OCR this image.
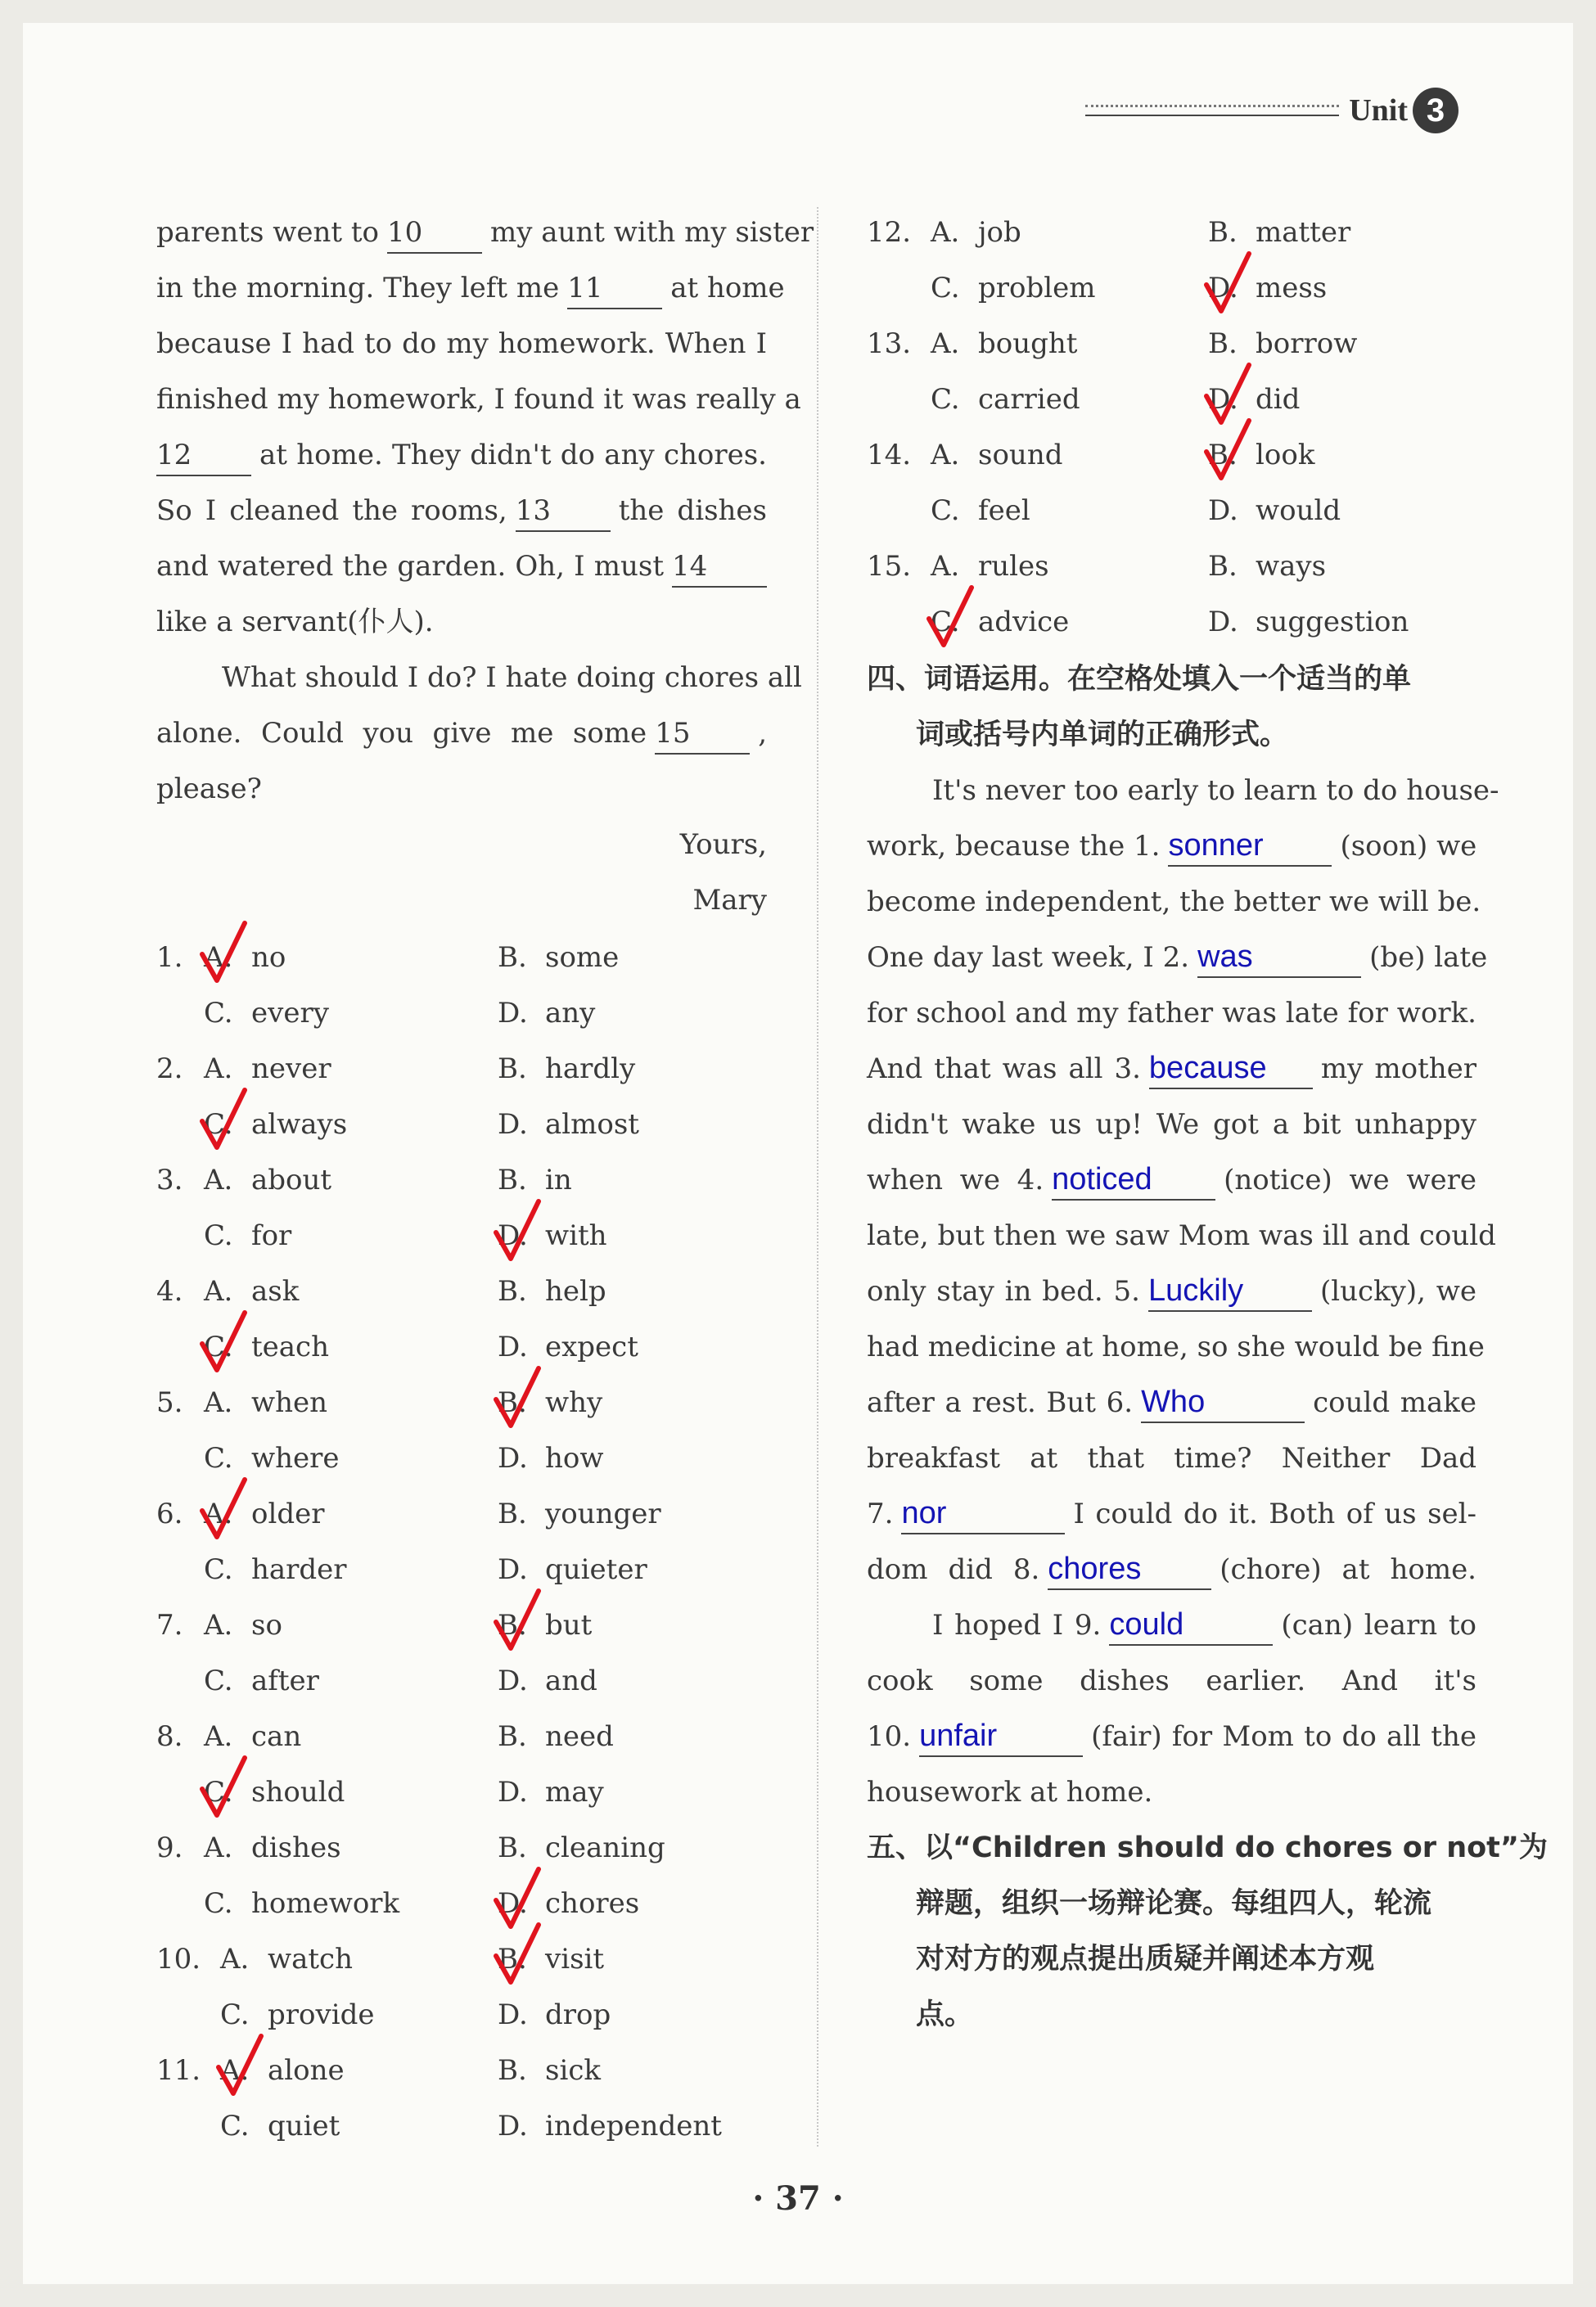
Unit 3
parents went to 10 my aunt with my sister
in the morning. They left me 11 at home
because I had to do my homework. When I
finished my homework, I found it was really a
12 at home. They didn't do any chores.
So I cleaned the rooms, 13 the dishes
and watered the garden. Oh, I must 14
like a servant(仆人).
What should I do? I hate doing chores all
alone. Could you give me some 15 ,
please?
Yours,
Mary
四、词语运用。在空格处填入一个适当的单
词或括号内单词的正确形式。
It's never too early to learn to do house-
work, because the 1. sonner	(soon) we
become independent, the better we will be.
One day last week, I 2. was	(be) late
for school and my father was late for work.
And that was all 3. because my mother
didn't wake us up! We got a bit unhappy
when we 4. noticed	(notice) we were
late, but then we saw Mom was ill and could
only stay in bed. 5. Luckily	(lucky), we
had medicine at home, so she would be fine
after a rest. But 6. Who	could make
breakfast at that time? Neither Dad
7. nor	I could do it. Both of us sel-
dom did 8. chores	(chore) at home.
I hoped I 9. could	(can) learn to
cook some dishes earlier. And it's
10. unfair	(fair) for Mom to do all the
housework at home.
五、以“Children should do chores or not”为
辩题，组织一场辩论赛。每组四人，轮流
对对方的观点提出质疑并阐述本方观
点。
· 37 ·
1. A. no	B. some
C. every	D. any
2. A. never	B. hardly
C. always	D. almost
3. A. about	B. in
C. for	D. with
4. A. ask	B. help
C. teach	D. expect
5. A. when	B. why
C. where	D. how
6. A. older	B. younger
C. harder	D. quieter
7. A. so	B. but
C. after	D. and
8. A. can	B. need
C. should	D. may
9. A. dishes	B. cleaning
C. homework	D. chores
10. A. watch	B. visit
C. provide	D. drop
11. A. alone	B. sick
C. quiet	D. independent
12. A. job	B. matter
C. problem	D. mess
13. A. bought	B. borrow
C. carried	D. did
14. A. sound	B. look
C. feel	D. would
15. A. rules	B. ways
C. advice	D. suggestion
